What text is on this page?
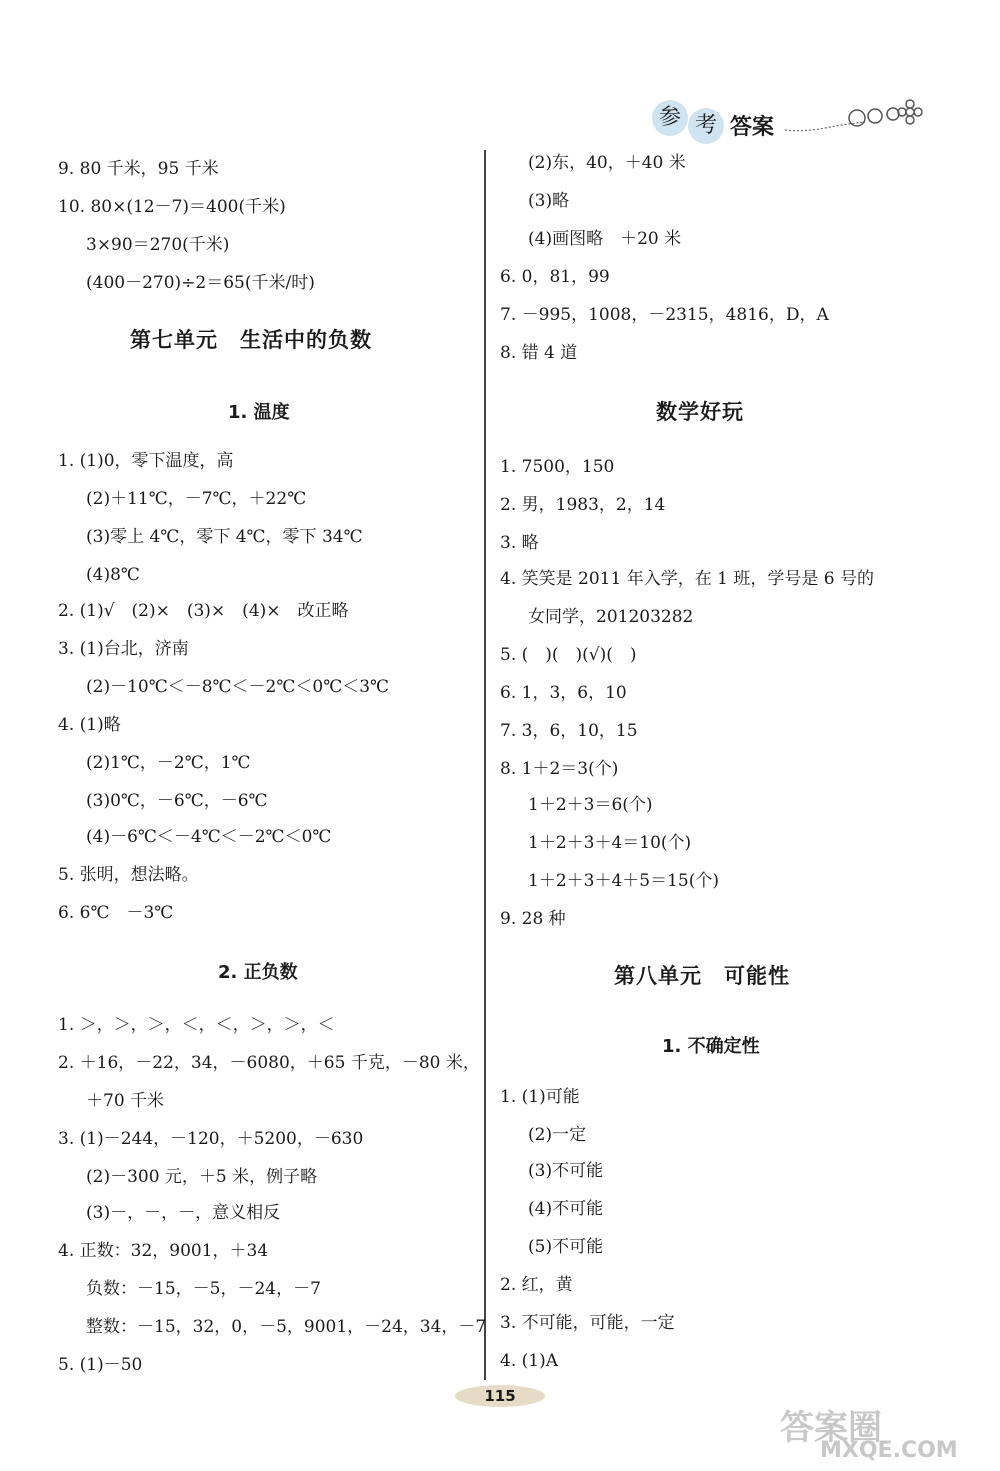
参 考 答案
9. 80 千米，95 千米
10. 80×(12－7)＝400(千米)
3×90＝270(千米)
(400－270)÷2＝65(千米/时)
第七单元　生活中的负数
1. 温度
1. (1)0，零下温度，高
(2)＋11℃，－7℃，＋22℃
(3)零上 4℃，零下 4℃，零下 34℃
(4)8℃
2. (1)√　(2)×　(3)×　(4)×　改正略
3. (1)台北，济南
(2)－10℃＜－8℃＜－2℃＜0℃＜3℃
4. (1)略
(2)1℃，－2℃，1℃
(3)0℃，－6℃，－6℃
(4)－6℃＜－4℃＜－2℃＜0℃
5. 张明，想法略。
6. 6℃　－3℃
2. 正负数
1. ＞，＞，＞，＜，＜，＞，＞，＜
2. ＋16，－22，34，－6080，＋65 千克，－80 米，
＋70 千米
3. (1)－244，－120，＋5200，－630
(2)－300 元，＋5 米，例子略
(3)－，－，－，意义相反
4. 正数：32，9001，＋34
负数：－15，－5，－24，－7
整数：－15，32，0，－5，9001，－24，34，－7
5. (1)－50
(2)东，40，＋40 米
(3)略
(4)画图略　＋20 米
6. 0，81，99
7. －995，1008，－2315，4816，D，A
8. 错 4 道
数学好玩
1. 7500，150
2. 男，1983，2，14
3. 略
4. 笑笑是 2011 年入学，在 1 班，学号是 6 号的
女同学，201203282
5. (　)(　)(√)(　)
6. 1，3，6，10
7. 3，6，10，15
8. 1＋2＝3(个)
1＋2＋3＝6(个)
1＋2＋3＋4＝10(个)
1＋2＋3＋4＋5＝15(个)
9. 28 种
第八单元　可能性
1. 不确定性
1. (1)可能
(2)一定
(3)不可能
(4)不可能
(5)不可能
2. 红，黄
3. 不可能，可能，一定
4. (1)A
115
答案圈
MXQE.COM
